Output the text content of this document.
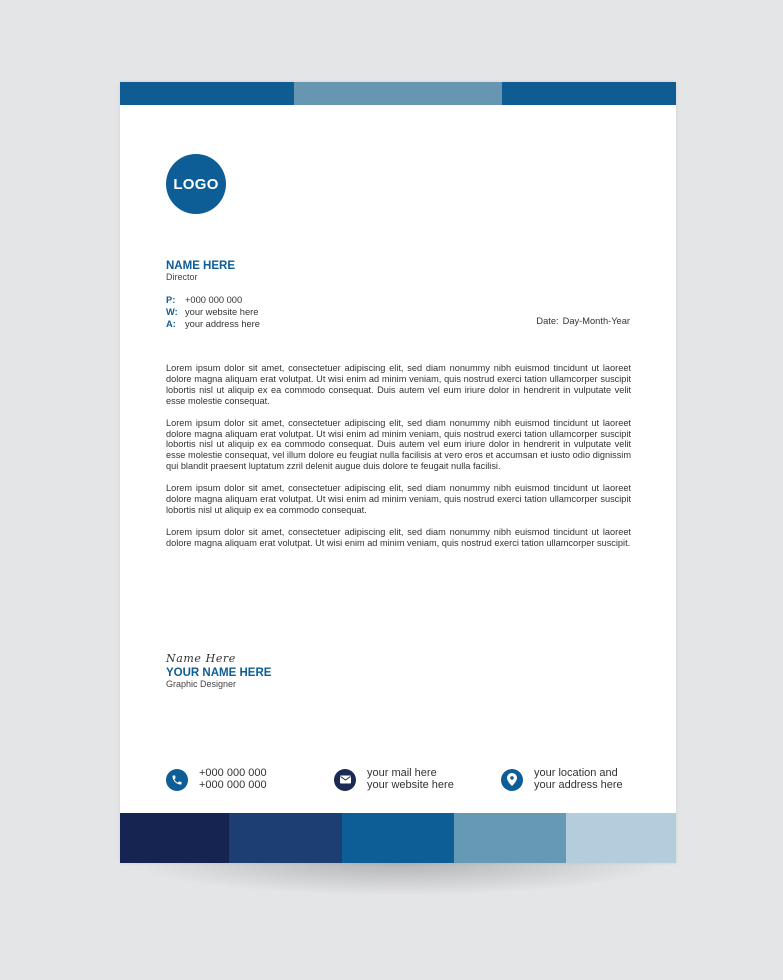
LOGO
NAME HERE
Director
P:	+000 000 000
W: your website here
A: your address here	Date: Day-Month-Year

Lorem ipsum dolor sit amet, consectetuer adipiscing elit, sed diam nonummy nibh euismod tincidunt ut laoreet dolore magna aliquam erat volutpat. Ut wisi enim ad minim veniam, quis nostrud exerci tation ullamcorper suscipit lobortis nisl ut aliquip ex ea commodo consequat. Duis autem vel eum iriure dolor in hendrerit in vulputate velit esse molestie consequat.

Lorem ipsum dolor sit amet, consectetuer adipiscing elit, sed diam nonummy nibh euismod tincidunt ut laoreet dolore magna aliquam erat volutpat. Ut wisi enim ad minim veniam, quis nostrud exerci tation ullamcorper suscipit lobortis nisl ut aliquip ex ea commodo consequat. Duis autem vel eum iriure dolor in hendrerit in vulputate velit esse molestie consequat, vel illum dolore eu feugiat nulla facilisis at vero eros et accumsan et iusto odio dignissim qui blandit praesent luptatum zzril delenit augue duis dolore te feugait nulla facilisi.

Lorem ipsum dolor sit amet, consectetuer adipiscing elit, sed diam nonummy nibh euismod tincidunt ut laoreet dolore magna aliquam erat volutpat. Ut wisi enim ad minim veniam, quis nostrud exerci tation ullamcorper suscipit lobortis nisl ut aliquip ex ea commodo consequat.

Lorem ipsum dolor sit amet, consectetuer adipiscing elit, sed diam nonummy nibh euismod tincidunt ut laoreet dolore magna aliquam erat volutpat. Ut wisi enim ad minim veniam, quis nostrud exerci tation ullamcorper suscipit.

Name Here
YOUR NAME HERE
Graphic Designer
+000 000 000
+000 000 000
your mail here
your website here
your location and
your address here
